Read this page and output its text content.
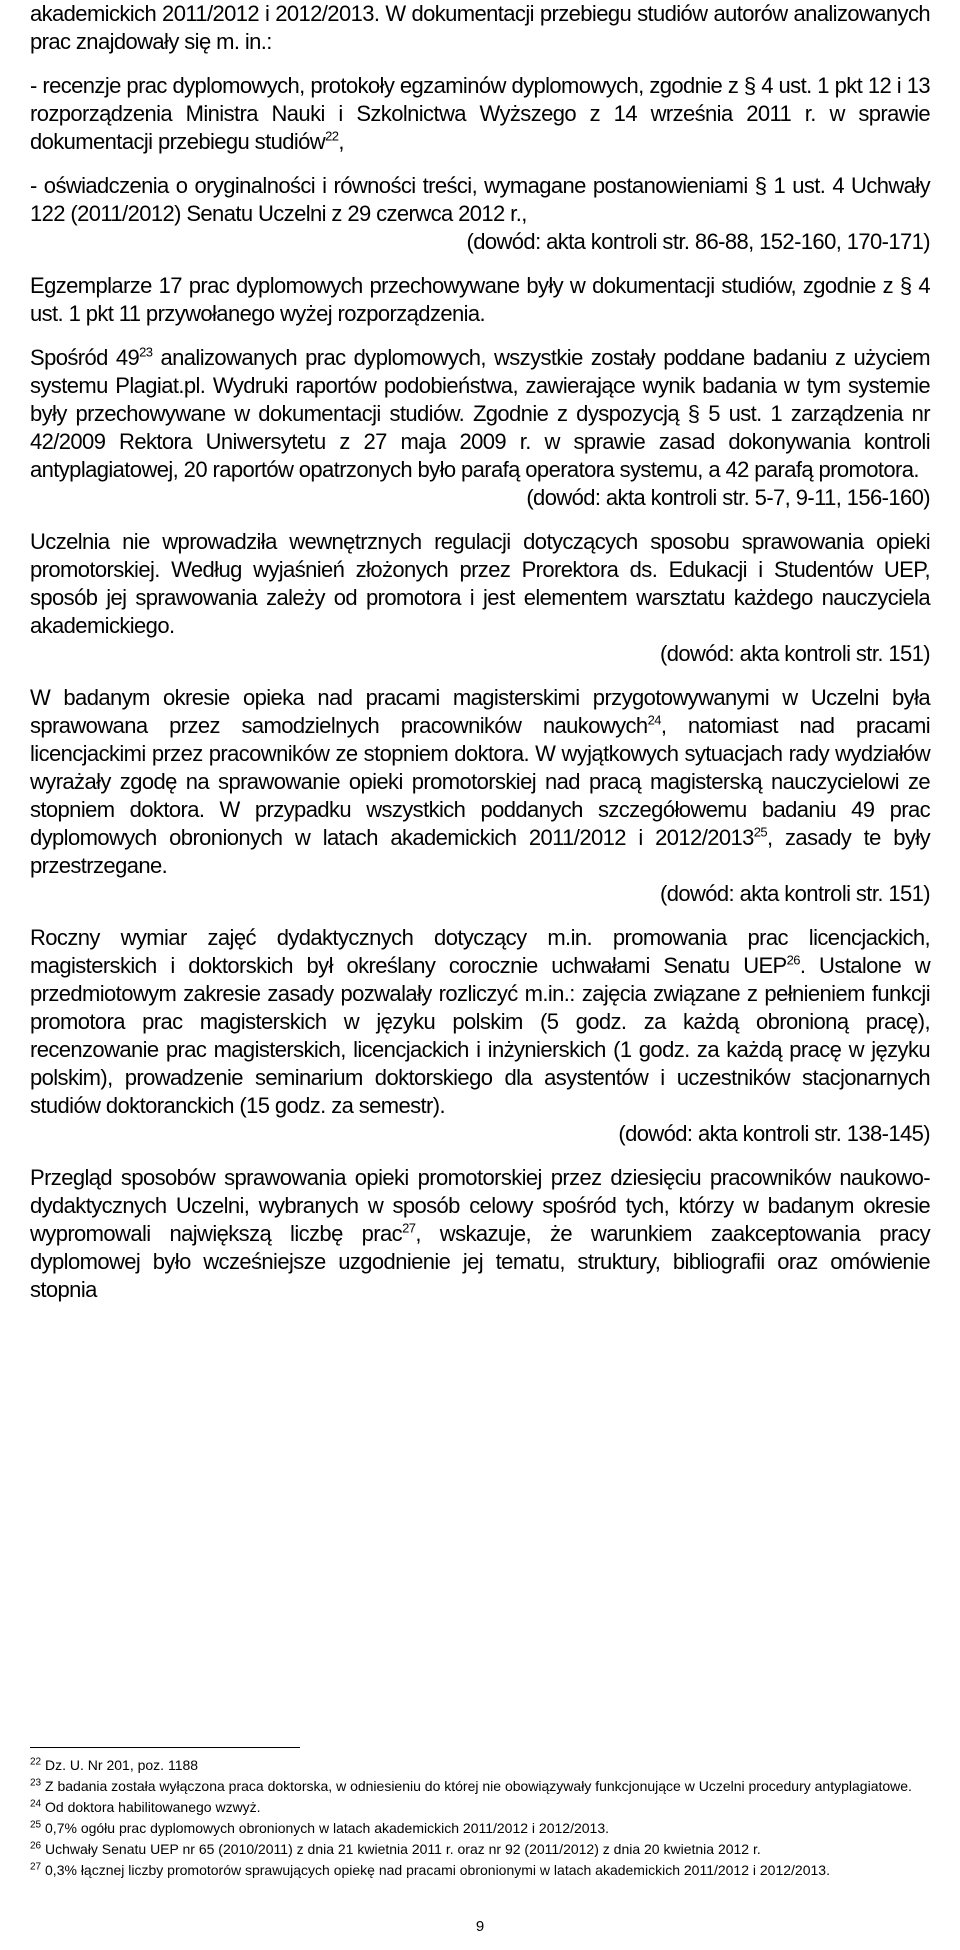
akademickich 2011/2012 i 2012/2013. W dokumentacji przebiegu studiów autorów analizowanych prac znajdowały się m. in.:

- recenzje prac dyplomowych, protokoły egzaminów dyplomowych, zgodnie z § 4 ust. 1 pkt 12 i 13 rozporządzenia Ministra Nauki i Szkolnictwa Wyższego z 14 września 2011 r. w sprawie dokumentacji przebiegu studiów$^{22}$,

- oświadczenia o oryginalności i równości treści, wymagane postanowieniami § 1 ust. 4 Uchwały 122 (2011/2012) Senatu Uczelni z 29 czerwca 2012 r.,
(dowód: akta kontroli str. 86-88, 152-160, 170-171)

Egzemplarze 17 prac dyplomowych przechowywane były w dokumentacji studiów, zgodnie z § 4 ust. 1 pkt 11 przywołanego wyżej rozporządzenia.

Spośród $49^{23}$ analizowanych prac dyplomowych, wszystkie zostały poddane badaniu z użyciem systemu Plagiat.pl. Wydruki raportów podobieństwa, zawierające wynik badania w tym systemie były przechowywane w dokumentacji studiów. Zgodnie z dyspozycją § 5 ust. 1 zarządzenia nr 42/2009 Rektora Uniwersytetu z 27 maja 2009 r. w sprawie zasad dokonywania kontroli antyplagiatowej, 20 raportów opatrzonych było parafą operatora systemu, a 42 parafą promotora.
(dowód: akta kontroli str. 5-7, 9-11, 156-160)

Uczelnia nie wprowadziła wewnętrznych regulacji dotyczących sposobu sprawowania opieki promotorskiej. Według wyjaśnień złożonych przez Prorektora ds. Edukacji i Studentów UEP, sposób jej sprawowania zależy od promotora i jest elementem warsztatu każdego nauczyciela akademickiego.
(dowód: akta kontroli str. 151)

W badanym okresie opieka nad pracami magisterskimi przygotowywanymi w Uczelni była sprawowana przez samodzielnych pracowników naukowych$^{24}$, natomiast nad pracami licencjackimi przez pracowników ze stopniem doktora. W wyjątkowych sytuacjach rady wydziałów wyrażały zgodę na sprawowanie opieki promotorskiej nad pracą magisterską nauczycielowi ze stopniem doktora. W przypadku wszystkich poddanych szczegółowemu badaniu 49 prac dyplomowych obronionych w latach akademickich 2011/2012 i 2012/2013$^{25}$, zasady te były przestrzegane.
(dowód: akta kontroli str. 151)

Roczny wymiar zajęć dydaktycznych dotyczący m.in. promowania prac licencjackich, magisterskich i doktorskich był określany corocznie uchwałami Senatu UEP$^{26}$. Ustalone w przedmiotowym zakresie zasady pozwalały rozliczyć m.in.: zajęcia związane z pełnieniem funkcji promotora prac magisterskich w języku polskim (5 godz. za każdą obronioną pracę), recenzowanie prac magisterskich, licencjackich i inżynierskich (1 godz. za każdą pracę w języku polskim), prowadzenie seminarium doktorskiego dla asystentów i uczestników stacjonarnych studiów doktoranckich (15 godz. za semestr).
(dowód: akta kontroli str. 138-145)

Przegląd sposobów sprawowania opieki promotorskiej przez dziesięciu pracowników naukowo-dydaktycznych Uczelni, wybranych w sposób celowy spośród tych, którzy w badanym okresie wypromowali największą liczbę prac$^{27}$, wskazuje, że warunkiem zaakceptowania pracy dyplomowej było wcześniejsze uzgodnienie jej tematu, struktury, bibliografii oraz omówienie stopnia

$^{22}$ Dz. U. Nr 201, poz. 1188
$^{23}$ Z badania została wyłączona praca doktorska, w odniesieniu do której nie obowiązywały funkcjonujące w Uczelni procedury antyplagiatowe.
$^{24}$ Od doktora habilitowanego wzwyż.
$^{25}$ 0,7% ogółu prac dyplomowych obronionych w latach akademickich 2011/2012 i 2012/2013.
$^{26}$ Uchwały Senatu UEP nr 65 (2010/2011) z dnia 21 kwietnia 2011 r. oraz nr 92 (2011/2012) z dnia 20 kwietnia 2012 r.
$^{27}$ 0,3% łącznej liczby promotorów sprawujących opiekę nad pracami obronionymi w latach akademickich 2011/2012 i 2012/2013.
9
